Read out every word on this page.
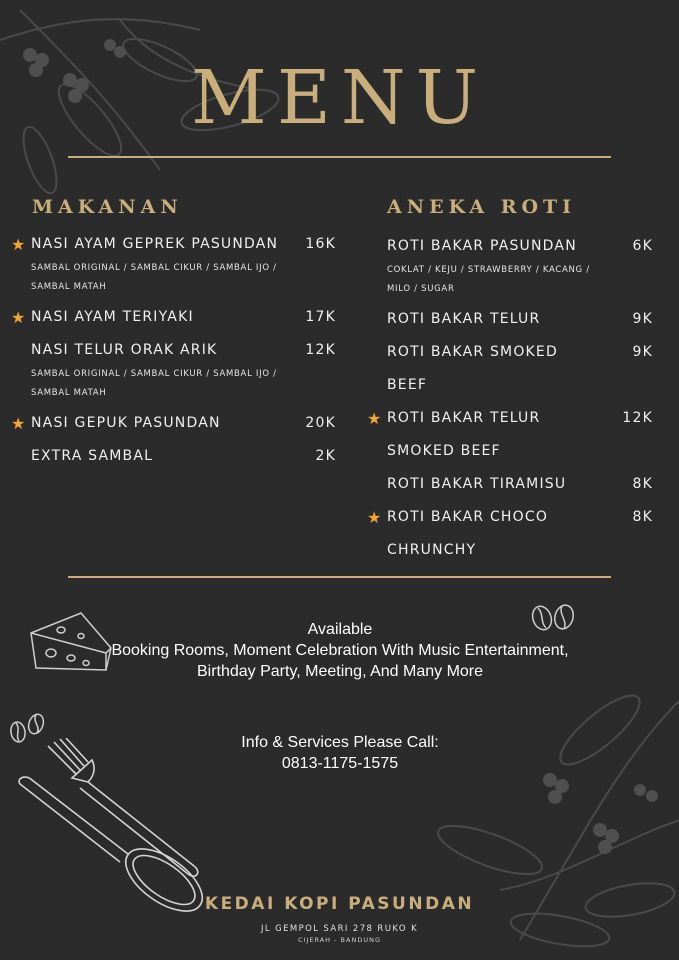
MENU
MAKANAN	ANEKA ROTI
★ NASI AYAM GEPREK PASUNDAN	16K
SAMBAL ORIGINAL / SAMBAL CIKUR / SAMBAL IJO / SAMBAL MATAH
★ NASI AYAM TERIYAKI	17K
NASI TELUR ORAK ARIK	12K
SAMBAL ORIGINAL / SAMBAL CIKUR / SAMBAL IJO / SAMBAL MATAH
★ NASI GEPUK PASUNDAN	20K
EXTRA SAMBAL	2K
ROTI BAKAR PASUNDAN	6K
COKLAT / KEJU / STRAWBERRY / KACANG / MILO / SUGAR
ROTI BAKAR TELUR	9K
ROTI BAKAR SMOKED BEEF
9K
★ ROTI BAKAR TELUR SMOKED BEEF
12K
ROTI BAKAR TIRAMISU	8K
★ ROTI BAKAR CHOCO CHRUNCHY
8K
Available
Booking Rooms, Moment Celebration With Music Entertainment, Birthday Party, Meeting, And Many More
Info & Services Please Call:
0813-1175-1575
KEDAI KOPI PASUNDAN
JL GEMPOL SARI 278 RUKO K
CIJERAH - BANDUNG
